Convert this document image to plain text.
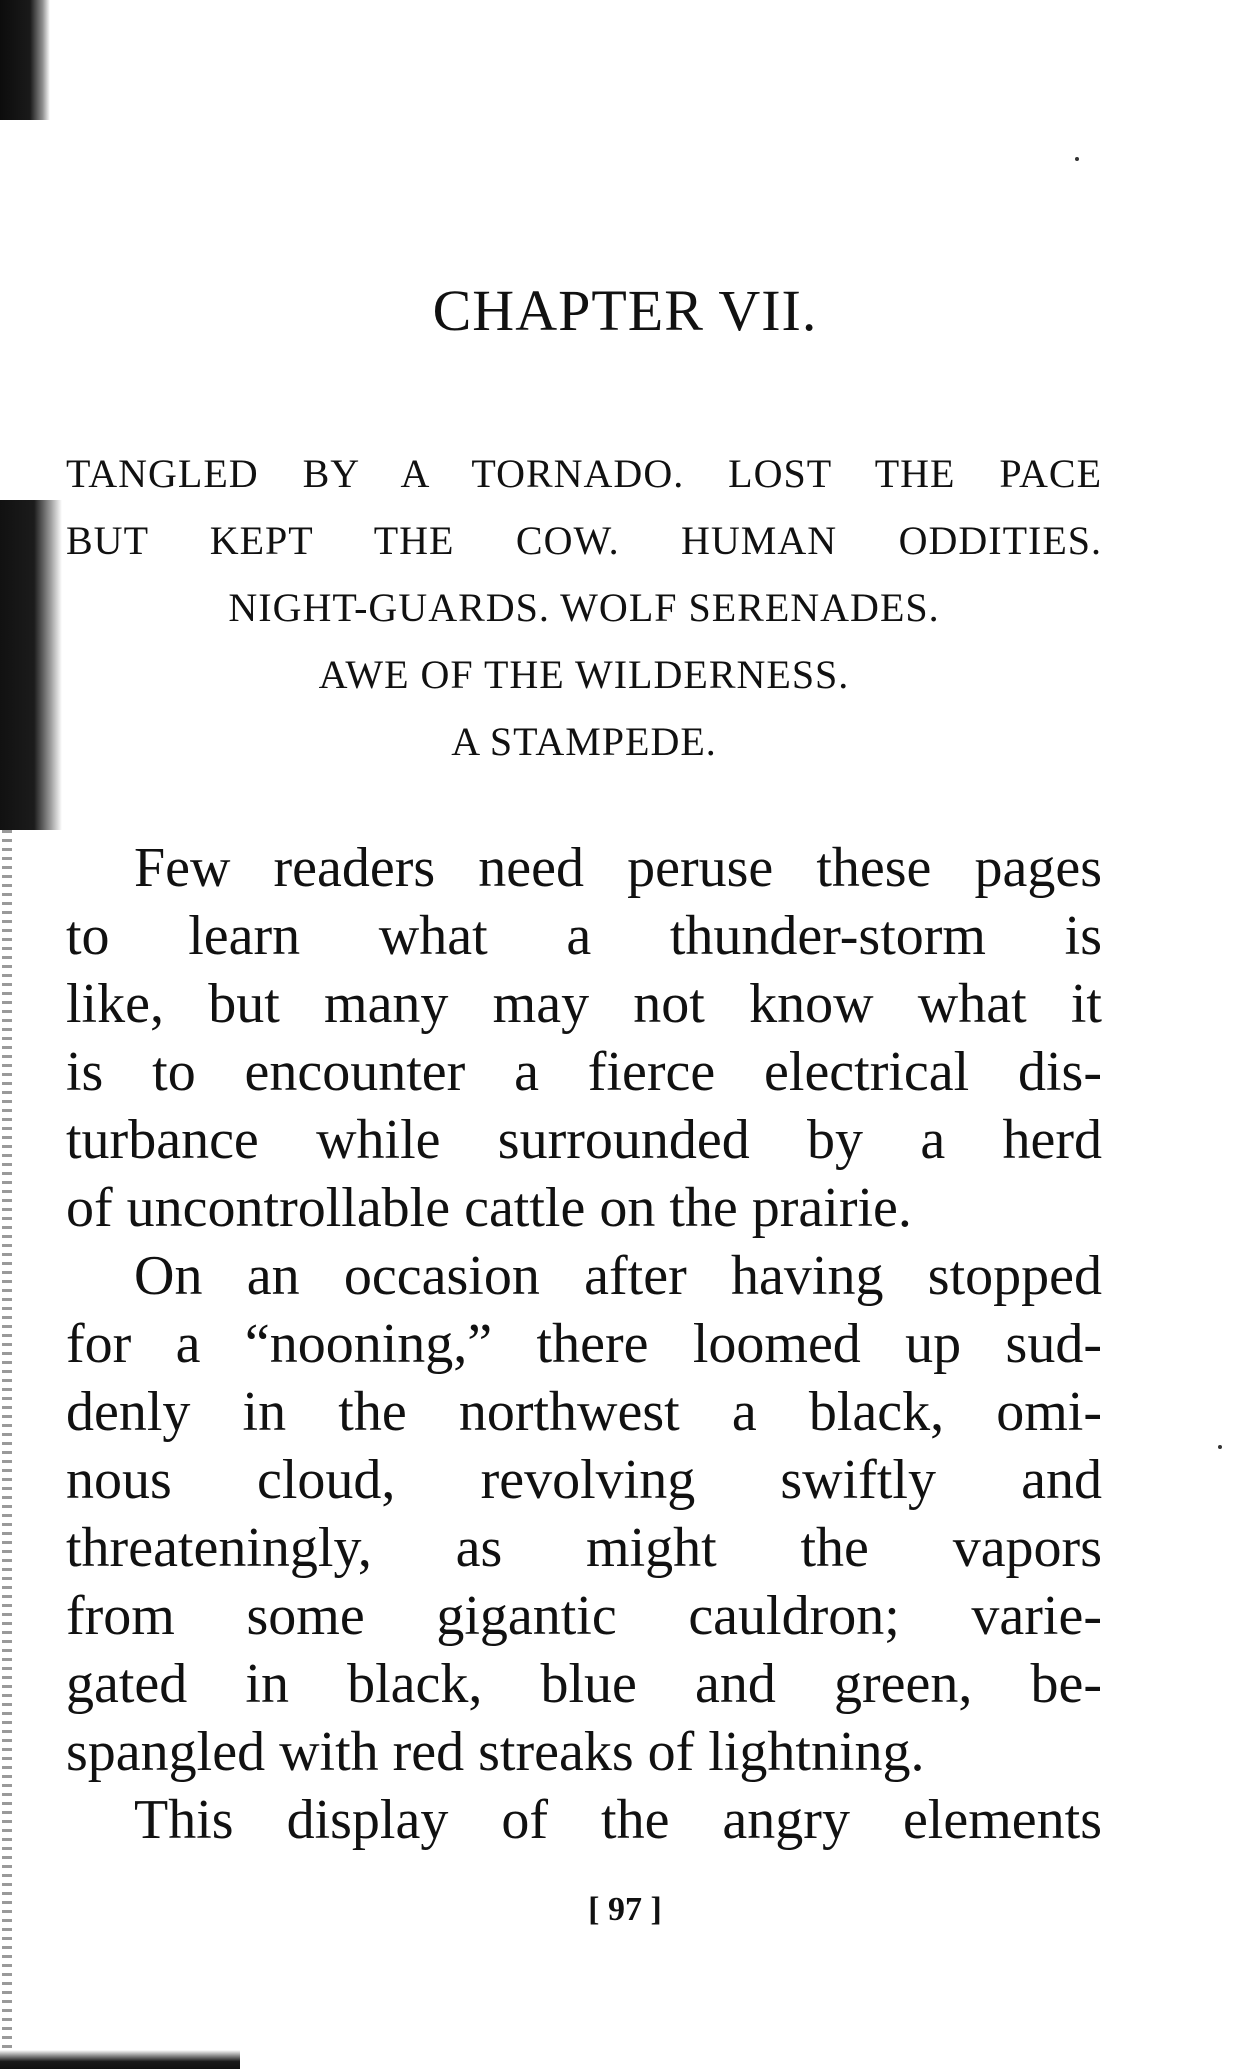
CHAPTER VII.
TANGLED BY A TORNADO. LOST THE PACE
BUT KEPT THE COW. HUMAN ODDITIES.
NIGHT-GUARDS. WOLF SERENADES.
AWE OF THE WILDERNESS.
A STAMPEDE.
Few readers need peruse these pages
to learn what a thunder-storm is
like, but many may not know what it
is to encounter a fierce electrical dis-
turbance while surrounded by a herd
of uncontrollable cattle on the prairie.
On an occasion after having stopped
for a “nooning,” there loomed up sud-
denly in the northwest a black, omi-
nous cloud, revolving swiftly and
threateningly, as might the vapors
from some gigantic cauldron; varie-
gated in black, blue and green, be-
spangled with red streaks of lightning.
This display of the angry elements
[ 97 ]
